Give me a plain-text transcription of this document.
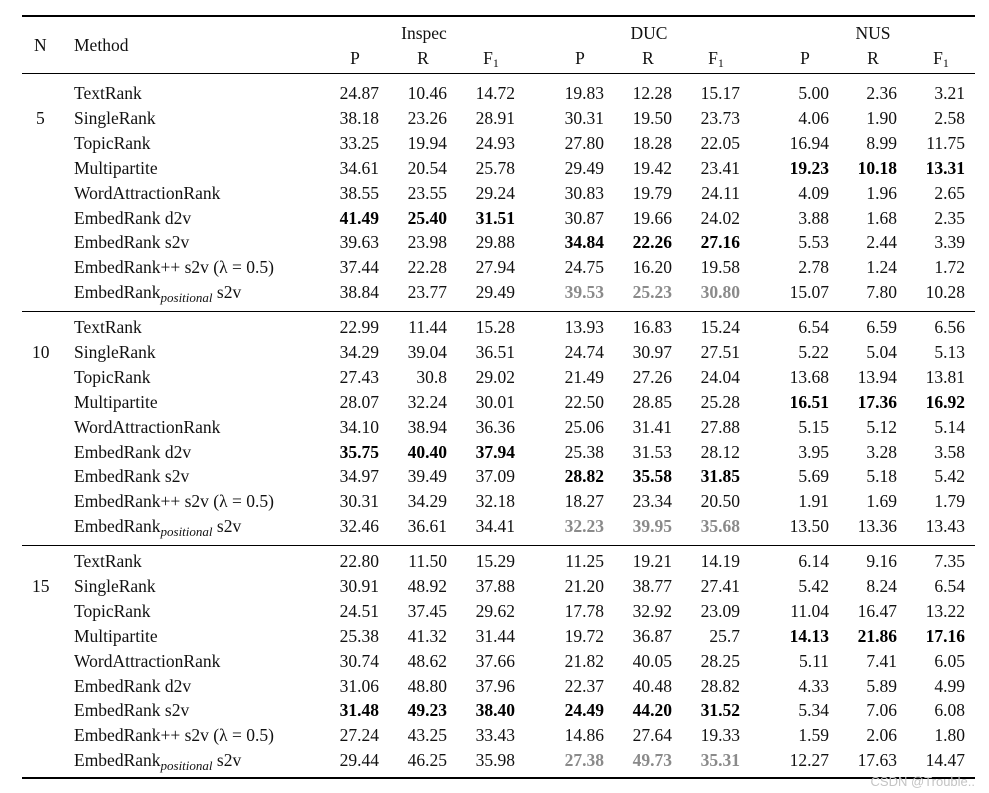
N Method
Inspec	DUC	NUS
P	R	$F_1$	P	R	$F_1$	P	R	$F_1$
5
TextRank	24.87	10.46	14.72	19.83	12.28	15.17	5.00	2.36	3.21
SingleRank	38.18	23.26	28.91	30.31	19.50	23.73	4.06	1.90	2.58
TopicRank	33.25	19.94	24.93	27.80	18.28	22.05	16.94	8.99	11.75
Multipartite	34.61	20.54	25.78	29.49	19.42	23.41	19.23	10.18	13.31
WordAttractionRank	38.55	23.55	29.24	30.83	19.79	24.11	4.09	1.96	2.65
EmbedRank d2v	41.49	25.40	31.51	30.87	19.66	24.02	3.88	1.68	2.35
EmbedRank s2v	39.63	23.98	29.88	34.84	22.26	27.16	5.53	2.44	3.39
EmbedRank++ s2v (λ = 0.5)	37.44	22.28	27.94	24.75	16.20	19.58	2.78	1.24	1.72
EmbedRank$_{positional}$ s2v	38.84	23.77	29.49	39.53	25.23	30.80	15.07	7.80	10.28
10
TextRank	22.99	11.44	15.28	13.93	16.83	15.24	6.54	6.59	6.56
SingleRank	34.29	39.04	36.51	24.74	30.97	27.51	5.22	5.04	5.13
TopicRank	27.43	30.8	29.02	21.49	27.26	24.04	13.68	13.94	13.81
Multipartite	28.07	32.24	30.01	22.50	28.85	25.28	16.51	17.36	16.92
WordAttractionRank	34.10	38.94	36.36	25.06	31.41	27.88	5.15	5.12	5.14
EmbedRank d2v	35.75	40.40	37.94	25.38	31.53	28.12	3.95	3.28	3.58
EmbedRank s2v	34.97	39.49	37.09	28.82	35.58	31.85	5.69	5.18	5.42
EmbedRank++ s2v (λ = 0.5)	30.31	34.29	32.18	18.27	23.34	20.50	1.91	1.69	1.79
EmbedRank$_{positional}$ s2v	32.46	36.61	34.41	32.23	39.95	35.68	13.50	13.36	13.43
15
TextRank	22.80	11.50	15.29	11.25	19.21	14.19	6.14	9.16	7.35
SingleRank	30.91	48.92	37.88	21.20	38.77	27.41	5.42	8.24	6.54
TopicRank	24.51	37.45	29.62	17.78	32.92	23.09	11.04	16.47	13.22
Multipartite	25.38	41.32	31.44	19.72	36.87	25.7	14.13	21.86	17.16
WordAttractionRank	30.74	48.62	37.66	21.82	40.05	28.25	5.11	7.41	6.05
EmbedRank d2v	31.06	48.80	37.96	22.37	40.48	28.82	4.33	5.89	4.99
EmbedRank s2v	31.48	49.23	38.40	24.49	44.20	31.52	5.34	7.06	6.08
EmbedRank++ s2v (λ = 0.5)	27.24	43.25	33.43	14.86	27.64	19.33	1.59	2.06	1.80
EmbedRank$_{positional}$ s2v	29.44	46.25	35.98	27.38	49.73	35.31	12.27	17.63	14.47
CSDN @Trouble..
